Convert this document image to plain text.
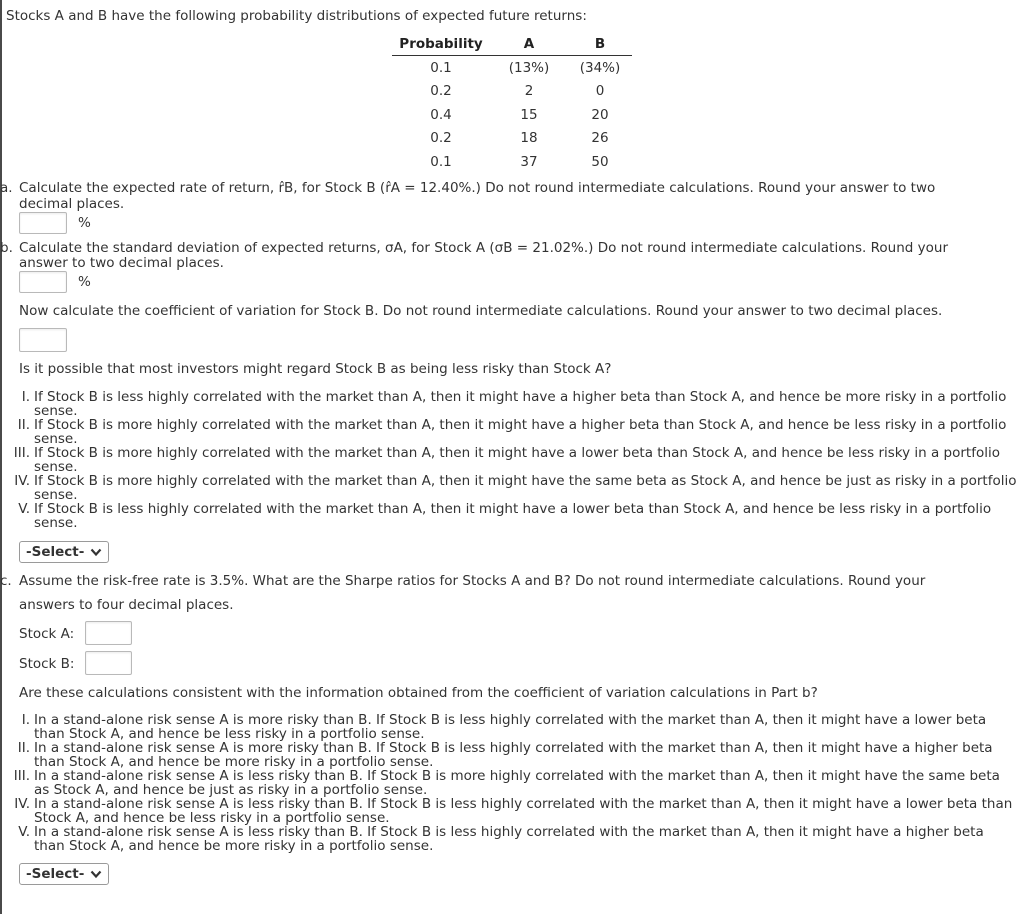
Stocks A and B have the following probability distributions of expected future returns:
Probability	A	B
0.1	(13%)	(34%)
0.2	2	0
0.4	15	20
0.2	18	26
0.1	37	50
a. Calculate the expected rate of return, r̂B, for Stock B (r̂A = 12.40%.) Do not round intermediate calculations. Round your answer to two
decimal places.
%
b. Calculate the standard deviation of expected returns, σA, for Stock A (σB = 21.02%.) Do not round intermediate calculations. Round your
answer to two decimal places.
%
Now calculate the coefficient of variation for Stock B. Do not round intermediate calculations. Round your answer to two decimal places.
Is it possible that most investors might regard Stock B as being less risky than Stock A?
I. If Stock B is less highly correlated with the market than A, then it might have a higher beta than Stock A, and hence be more risky in a portfolio sense.
II. If Stock B is more highly correlated with the market than A, then it might have a higher beta than Stock A, and hence be less risky in a portfolio sense.
III. If Stock B is more highly correlated with the market than A, then it might have a lower beta than Stock A, and hence be less risky in a portfolio sense.
IV. If Stock B is more highly correlated with the market than A, then it might have the same beta as Stock A, and hence be just as risky in a portfolio sense.
V. If Stock B is less highly correlated with the market than A, then it might have a lower beta than Stock A, and hence be less risky in a portfolio sense.
-Select-
c. Assume the risk-free rate is 3.5%. What are the Sharpe ratios for Stocks A and B? Do not round intermediate calculations. Round your
answers to four decimal places.
Stock A:
Stock B:
Are these calculations consistent with the information obtained from the coefficient of variation calculations in Part b?
I. In a stand-alone risk sense A is more risky than B. If Stock B is less highly correlated with the market than A, then it might have a lower beta than Stock A, and hence be less risky in a portfolio sense.
II. In a stand-alone risk sense A is more risky than B. If Stock B is less highly correlated with the market than A, then it might have a higher beta than Stock A, and hence be more risky in a portfolio sense.
III. In a stand-alone risk sense A is less risky than B. If Stock B is more highly correlated with the market than A, then it might have the same beta as Stock A, and hence be just as risky in a portfolio sense.
IV. In a stand-alone risk sense A is less risky than B. If Stock B is less highly correlated with the market than A, then it might have a lower beta than Stock A, and hence be less risky in a portfolio sense.
V. In a stand-alone risk sense A is less risky than B. If Stock B is less highly correlated with the market than A, then it might have a higher beta than Stock A, and hence be more risky in a portfolio sense.
-Select-
